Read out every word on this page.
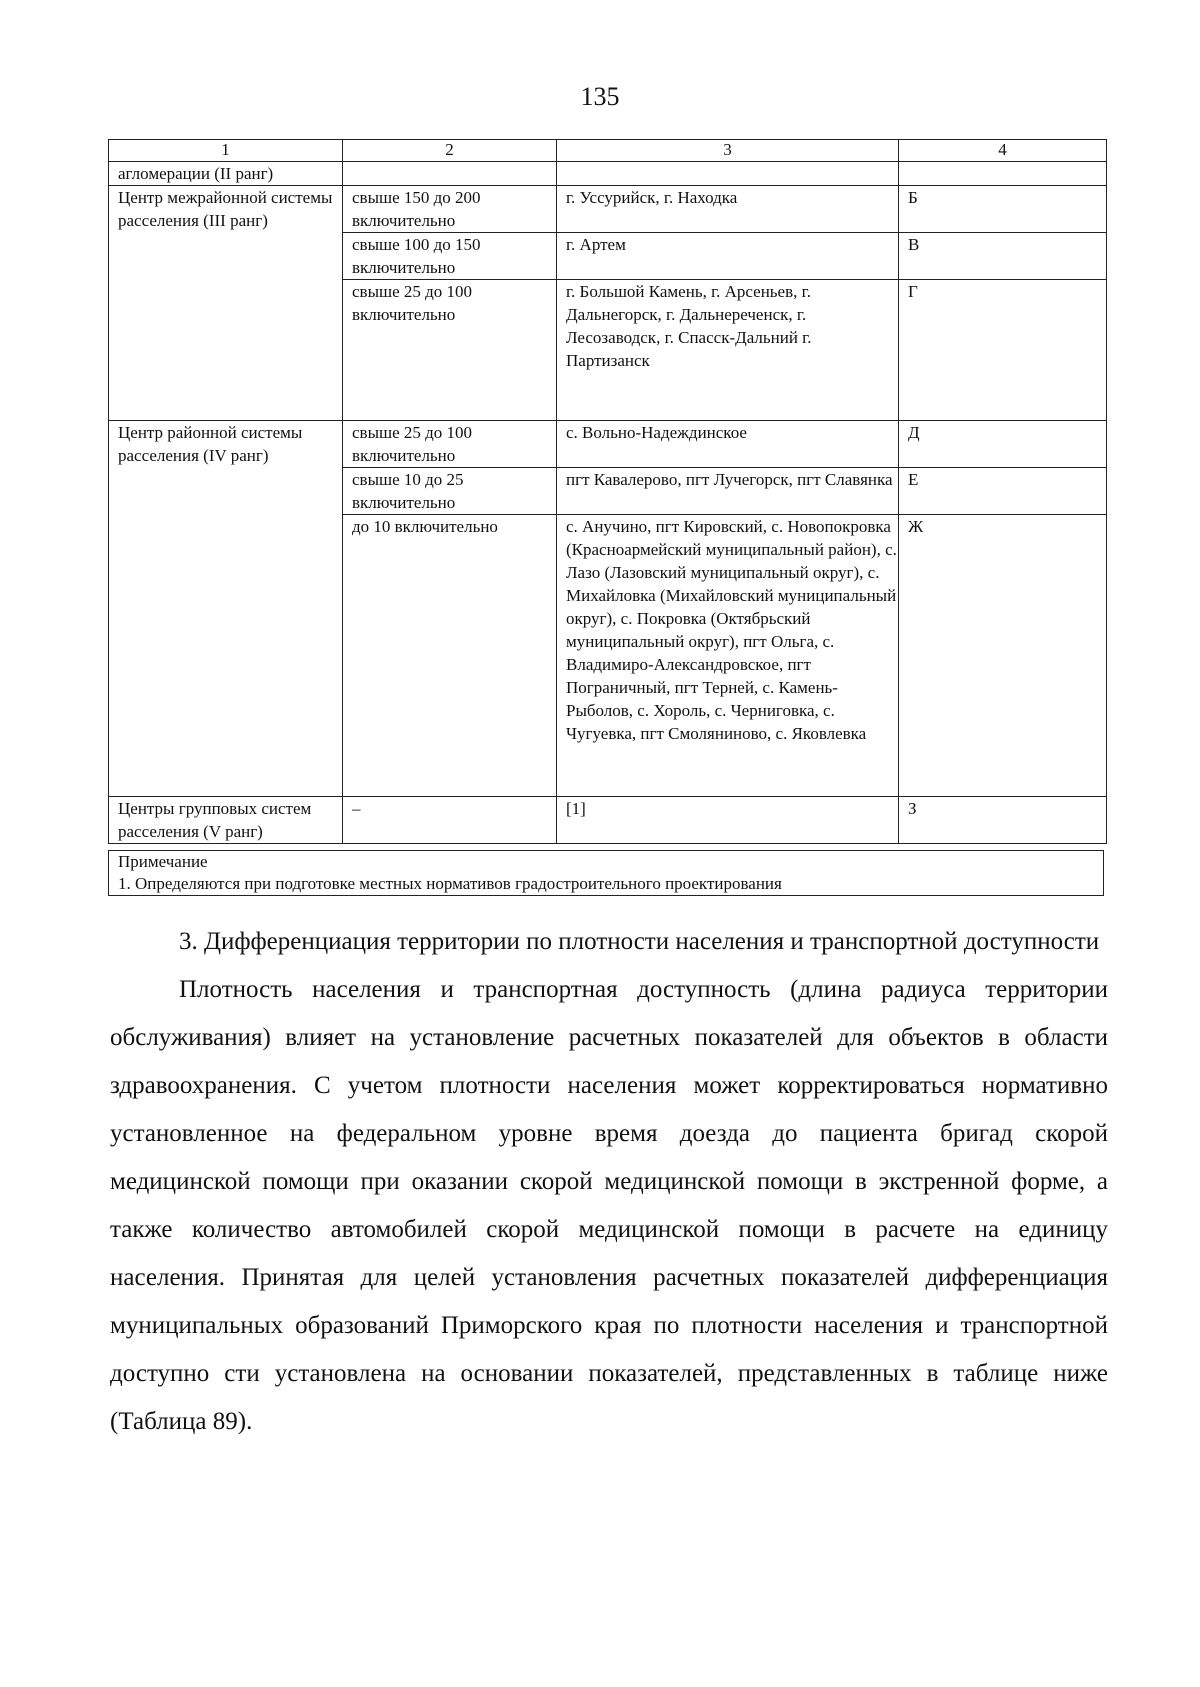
135
1	2	3	4
агломерации (II ранг)			
Центр межрайонной системы расселения (III ранг)	свыше 150 до 200 включительно	г. Уссурийск, г. Находка	Б
	свыше 100 до 150 включительно	г. Артем	В
	свыше 25 до 100 включительно	г. Большой Камень, г. Арсеньев, г. Дальнегорск, г. Дальнереченск, г. Лесозаводск, г. Спасск-Дальний г. Партизанск	Г
Центр районной системы расселения (IV ранг)	свыше 25 до 100 включительно	с. Вольно-Надеждинское	Д
	свыше 10 до 25 включительно	пгт Кавалерово, пгт Лучегорск, пгт Славянка	Е
	до 10 включительно	с. Анучино, пгт Кировский, с. Новопокровка (Красноармейский муниципальный район), с. Лазо (Лазовский муниципальный округ), с. Михайловка (Михайловский муниципальный округ), с. Покровка (Октябрьский муниципальный округ), пгт Ольга, с. Владимиро-Александровское, пгт Пограничный, пгт Терней, с. Камень-Рыболов, с. Хороль, с. Черниговка, с. Чугуевка, пгт Смоляниново, с. Яковлевка	Ж
Центры групповых систем расселения (V ранг)	–	[1]	З
Примечание
1. Определяются при подготовке местных нормативов градостроительного проектирования

3. Дифференциация территории по плотности населения и транспортной доступности

Плотность населения и транспортная доступность (длина радиуса территории обслуживания) влияет на установление расчетных показателей для объектов в области здравоохранения. С учетом плотности населения может корректироваться нормативно установленное на федеральном уровне время доезда до пациента бригад скорой медицинской помощи при оказании скорой медицинской помощи в экстренной форме, а также количество автомобилей скорой медицинской помощи в расчете на единицу населения. Принятая для целей установления расчетных показателей дифференциация муниципальных образований Приморского края по плотности населения и транспортной доступно сти установлена на основании показателей, представленных в таблице ниже (Таблица 89).
